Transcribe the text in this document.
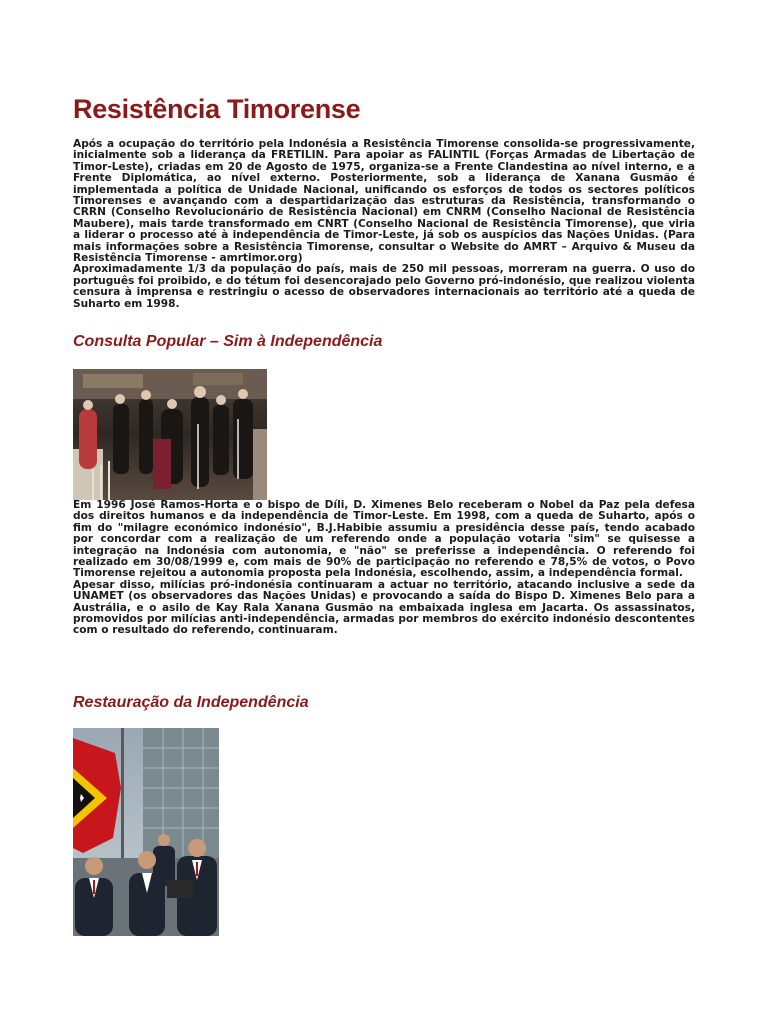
Resistência Timorense

Após a ocupação do território pela Indonésia a Resistência Timorense consolida-se progressivamente, inicialmente sob a liderança da FRETILIN. Para apoiar as FALINTIL (Forças Armadas de Libertação de Timor-Leste), criadas em 20 de Agosto de 1975, organiza-se a Frente Clandestina ao nível interno, e a Frente Diplomática, ao nível externo. Posteriormente, sob a liderança de Xanana Gusmão é implementada a política de Unidade Nacional, unificando os esforços de todos os sectores políticos Timorenses e avançando com a despartidarização das estruturas da Resistência, transformando o CRRN (Conselho Revolucionário de Resistência Nacional) em CNRM (Conselho Nacional de Resistência Maubere), mais tarde transformado em CNRT (Conselho Nacional de Resistência Timorense), que viria a liderar o processo até à independência de Timor-Leste, já sob os auspícios das Nações Unidas. (Para mais informações sobre a Resistência Timorense, consultar o Website do AMRT – Arquivo & Museu da Resistência Timorense - amrtimor.org)

Aproximadamente 1/3 da população do país, mais de 250 mil pessoas, morreram na guerra. O uso do português foi proibido, e do tétum foi desencorajado pelo Governo pró-indonésio, que realizou violenta censura à imprensa e restringiu o acesso de observadores internacionais ao território até a queda de Suharto em 1998.

Consulta Popular – Sim à Independência

Em 1996 José Ramos-Horta e o bispo de Díli, D. Ximenes Belo receberam o Nobel da Paz pela defesa dos direitos humanos e da independência de Timor-Leste. Em 1998, com a queda de Suharto, após o fim do "milagre económico indonésio", B.J.Habibie assumiu a presidência desse país, tendo acabado por concordar com a realização de um referendo onde a população votaria "sim" se quisesse a integração na Indonésia com autonomia, e "não" se preferisse a independência. O referendo foi realizado em 30/08/1999 e, com mais de 90% de participação no referendo e 78,5% de votos, o Povo Timorense rejeitou a autonomia proposta pela Indonésia, escolhendo, assim, a independência formal.

Apesar disso, milícias pró-indonésia continuaram a actuar no território, atacando inclusive a sede da UNAMET (os observadores das Nações Unidas) e provocando a saída do Bispo D. Ximenes Belo para a Austrália, e o asilo de Kay Rala Xanana Gusmão na embaixada inglesa em Jacarta. Os assassinatos, promovidos por milícias anti-independência, armadas por membros do exército indonésio descontentes com o resultado do referendo, continuaram.

Restauração da Independência
